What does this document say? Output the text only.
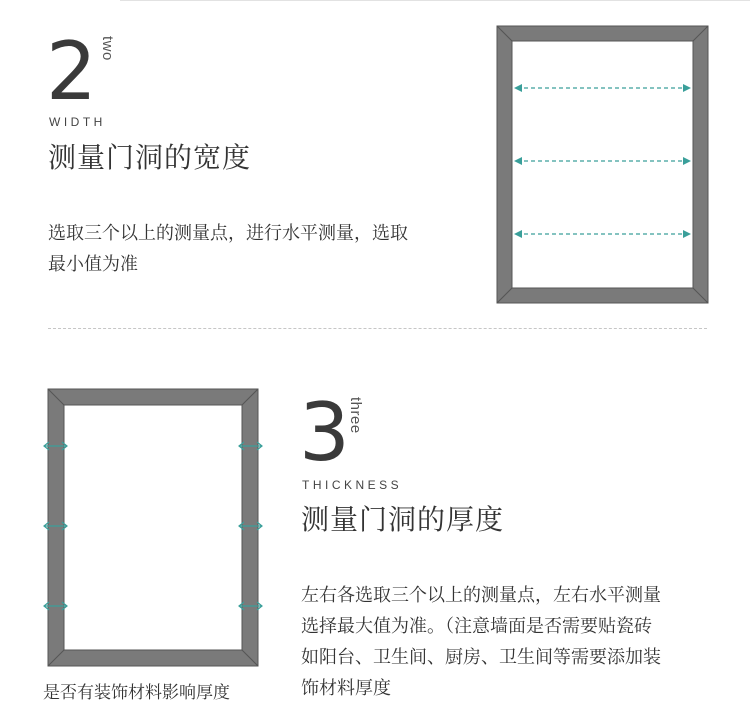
2 two
WIDTH
测量门洞的宽度
选取三个以上的测量点，进行水平测量，选取
最小值为准
是否有装饰材料影响厚度
3 three
THICKNESS
测量门洞的厚度
左右各选取三个以上的测量点，左右水平测量
选择最大值为准。（注意墙面是否需要贴瓷砖
如阳台、卫生间、厨房、卫生间等需要添加装
饰材料厚度
